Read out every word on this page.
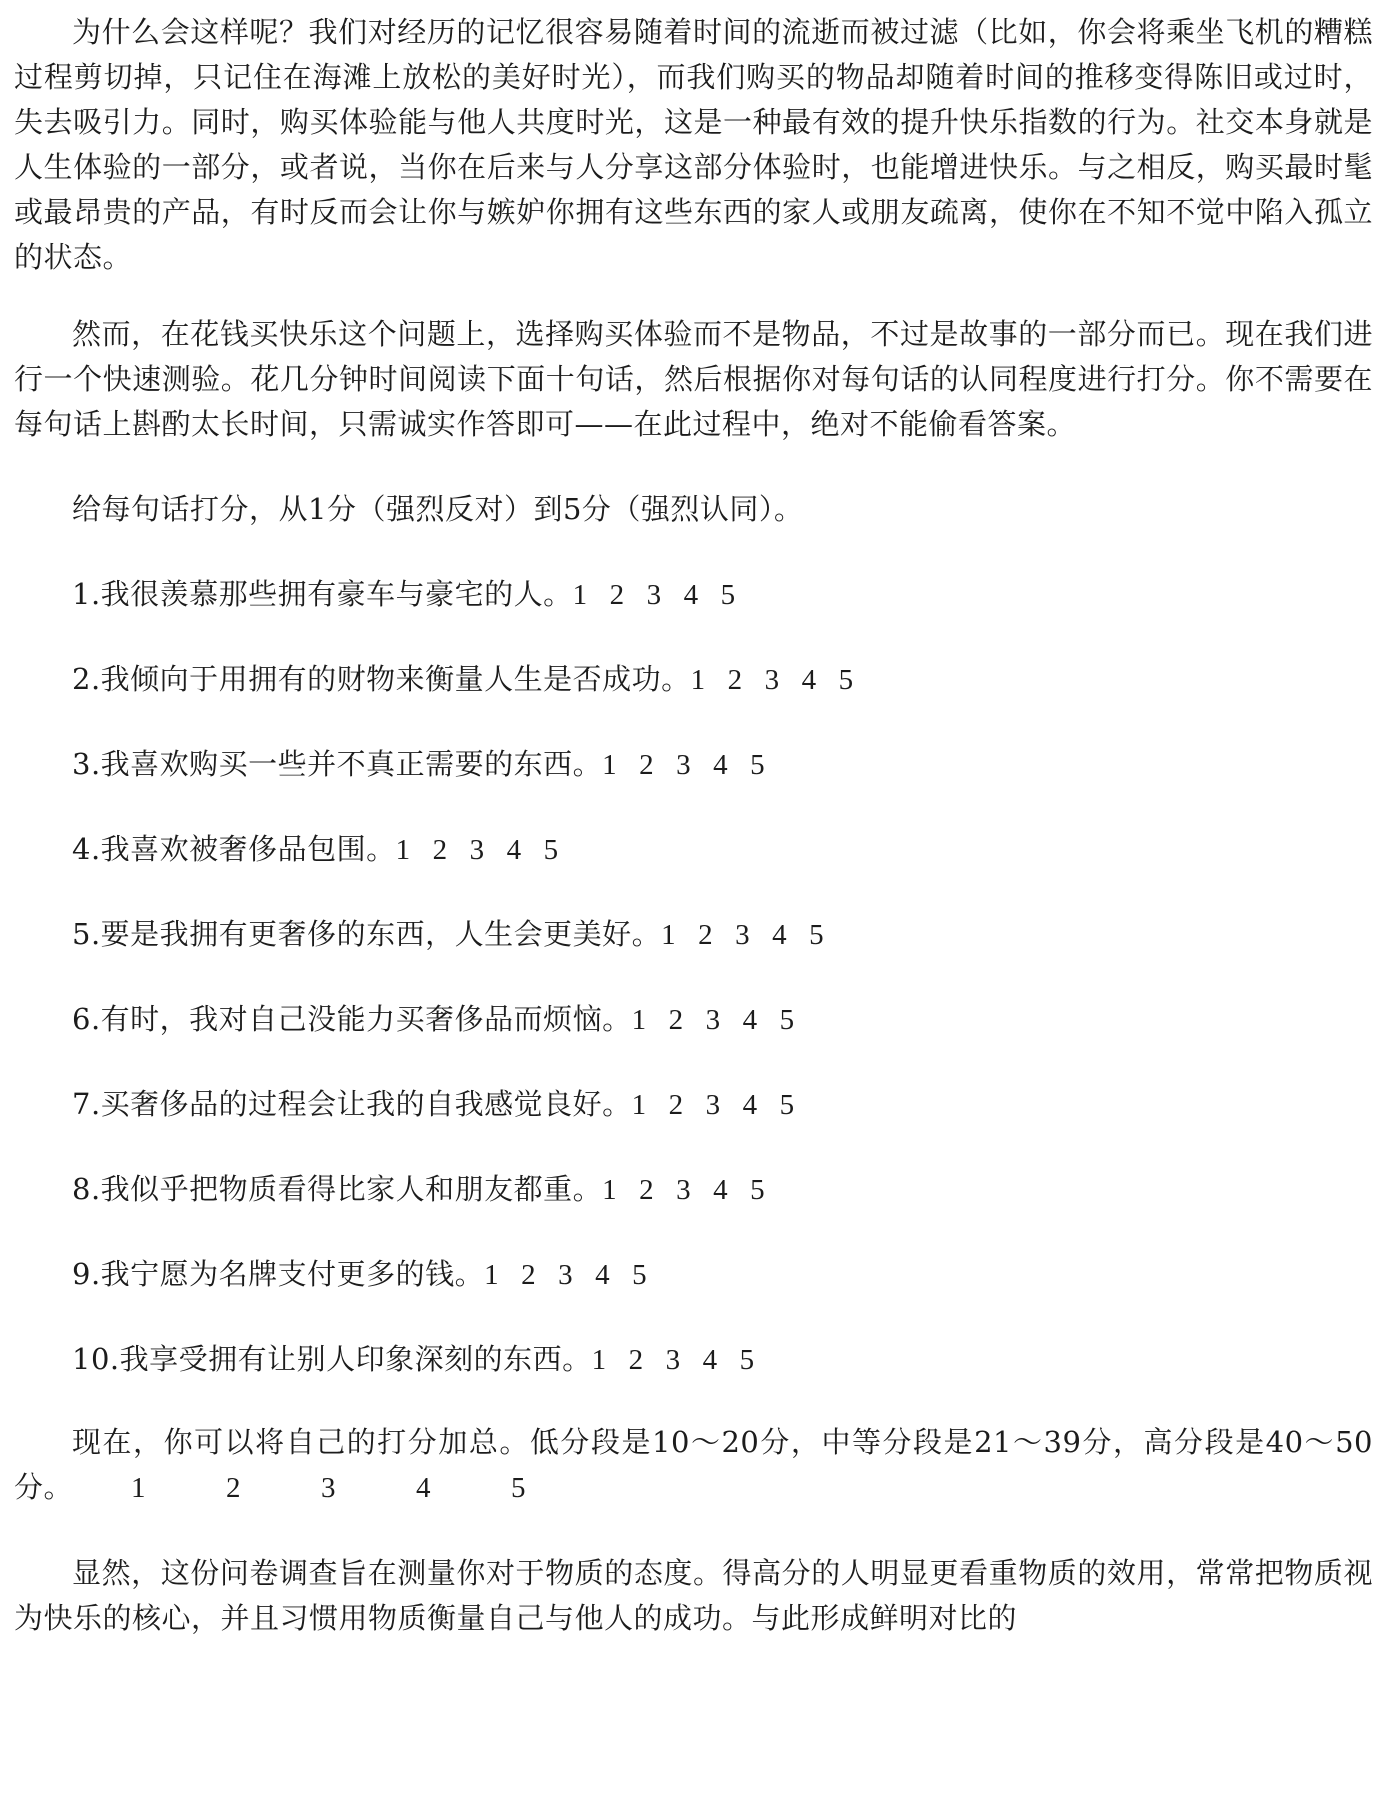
为什么会这样呢？我们对经历的记忆很容易随着时间的流逝而被过滤（比如，你会将乘坐飞机的糟糕过程剪切掉，只记住在海滩上放松的美好时光），而我们购买的物品却随着时间的推移变得陈旧或过时，失去吸引力。同时，购买体验能与他人共度时光，这是一种最有效的提升快乐指数的行为。社交本身就是人生体验的一部分，或者说，当你在后来与人分享这部分体验时，也能增进快乐。与之相反，购买最时髦或最昂贵的产品，有时反而会让你与嫉妒你拥有这些东西的家人或朋友疏离，使你在不知不觉中陷入孤立的状态。

然而，在花钱买快乐这个问题上，选择购买体验而不是物品，不过是故事的一部分而已。现在我们进行一个快速测验。花几分钟时间阅读下面十句话，然后根据你对每句话的认同程度进行打分。你不需要在每句话上斟酌太长时间，只需诚实作答即可——在此过程中，绝对不能偷看答案。

给每句话打分，从1分（强烈反对）到5分（强烈认同）。

1.我很羡慕那些拥有豪车与豪宅的人。1 2 3 4 5
2.我倾向于用拥有的财物来衡量人生是否成功。1 2 3 4 5
3.我喜欢购买一些并不真正需要的东西。1 2 3 4 5
4.我喜欢被奢侈品包围。1 2 3 4 5
5.要是我拥有更奢侈的东西，人生会更美好。1 2 3 4 5
6.有时，我对自己没能力买奢侈品而烦恼。1 2 3 4 5
7.买奢侈品的过程会让我的自我感觉良好。1 2 3 4 5
8.我似乎把物质看得比家人和朋友都重。1 2 3 4 5
9.我宁愿为名牌支付更多的钱。1 2 3 4 5
10.我享受拥有让别人印象深刻的东西。1 2 3 4 5

现在，你可以将自己的打分加总。低分段是10～20分，中等分段是21～39分，高分段是40～50分。 1	2	3	4	5

显然，这份问卷调查旨在测量你对于物质的态度。得高分的人明显更看重物质的效用，常常把物质视为快乐的核心，并且习惯用物质衡量自己与他人的成功。与此形成鲜明对比的
